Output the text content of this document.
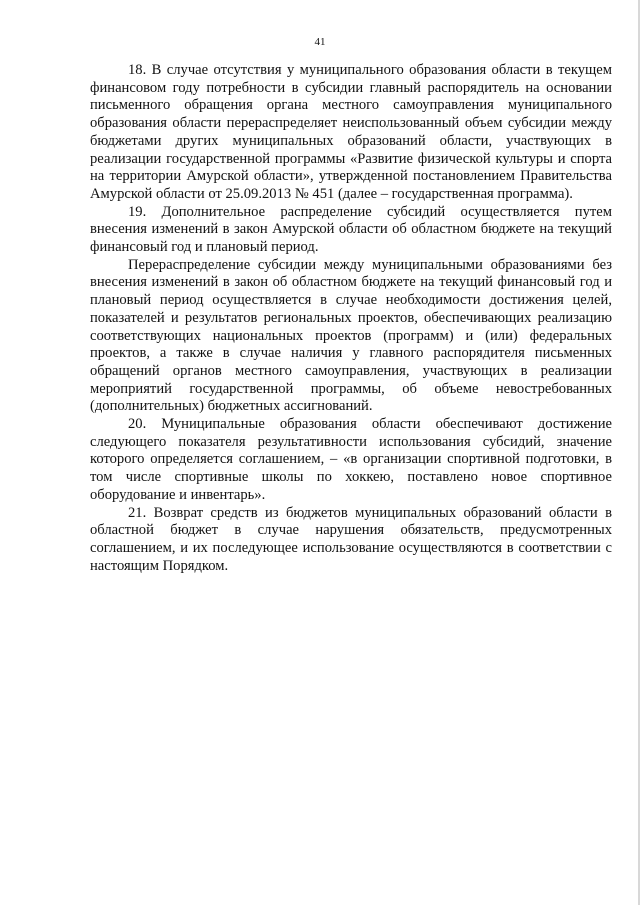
41

18. В случае отсутствия у муниципального образования области в текущем финансовом году потребности в субсидии главный распорядитель на основании письменного обращения органа местного самоуправления муниципального образования области перераспределяет неиспользованный объем субсидии между бюджетами других муниципальных образований области, участвующих в реализации государственной программы «Развитие физической культуры и спорта на территории Амурской области», утвержденной постановлением Правительства Амурской области от 25.09.2013 № 451 (далее – государственная программа).

19. Дополнительное распределение субсидий осуществляется путем внесения изменений в закон Амурской области об областном бюджете на текущий финансовый год и плановый период.

Перераспределение субсидии между муниципальными образованиями без внесения изменений в закон об областном бюджете на текущий финансовый год и плановый период осуществляется в случае необходимости достижения целей, показателей и результатов региональных проектов, обеспечивающих реализацию соответствующих национальных проектов (программ) и (или) федеральных проектов, а также в случае наличия у главного распорядителя письменных обращений органов местного самоуправления, участвующих в реализации мероприятий государственной программы, об объеме невостребованных (дополнительных) бюджетных ассигнований.

20. Муниципальные образования области обеспечивают достижение следующего показателя результативности использования субсидий, значение которого определяется соглашением, – «в организации спортивной подготовки, в том числе спортивные школы по хоккею, поставлено новое спортивное оборудование и инвентарь».

21. Возврат средств из бюджетов муниципальных образований области в областной бюджет в случае нарушения обязательств, предусмотренных соглашением, и их последующее использование осуществляются в соответствии с настоящим Порядком.
